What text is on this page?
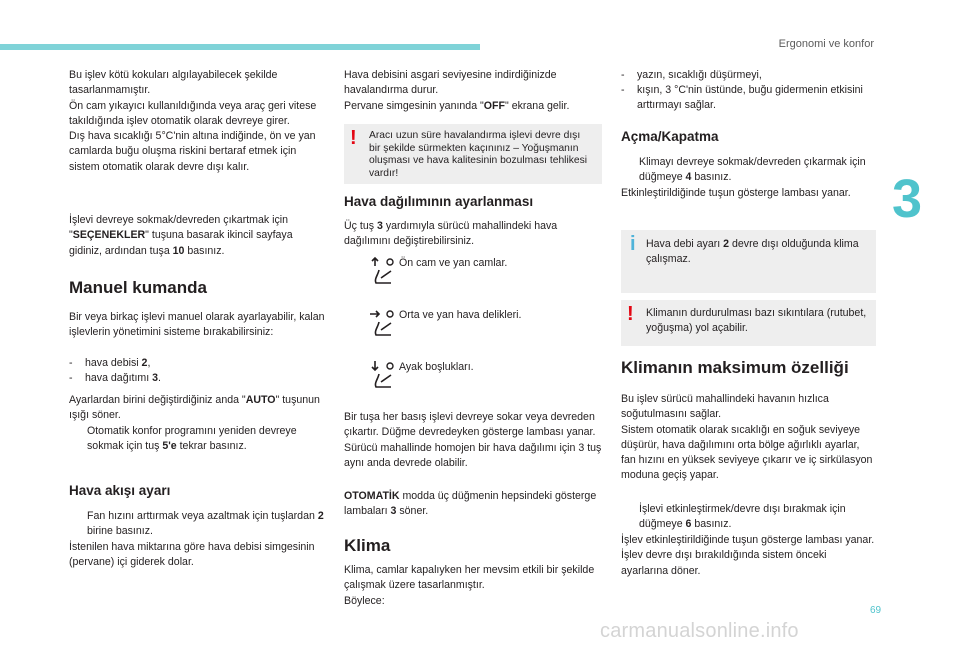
Ergonomi ve konfor
3
69
carmanualsonline.info

Bu işlev kötü kokuları algılayabilecek şekilde tasarlanmamıştır.
Ön cam yıkayıcı kullanıldığında veya araç geri vitese takıldığında işlev otomatik olarak devreye girer.
Dış hava sıcaklığı 5°C'nin altına indiğinde, ön ve yan camlarda buğu oluşma riskini bertaraf etmek için sistem otomatik olarak devre dışı kalır.

İşlevi devreye sokmak/devreden çıkartmak için "SEÇENEKLER" tuşuna basarak ikincil sayfaya gidiniz, ardından tuşa 10 basınız.

Manuel kumanda

Bir veya birkaç işlevi manuel olarak ayarlayabilir, kalan işlevlerin yönetimini sisteme bırakabilirsiniz:

-	hava debisi 2,
-	hava dağıtımı 3.

Ayarlardan birini değiştirdiğiniz anda "AUTO" tuşunun ışığı söner.

Otomatik konfor programını yeniden devreye sokmak için tuş 5'e tekrar basınız.
Hava akışı ayarı
Fan hızını arttırmak veya azaltmak için tuşlardan 2 birine basınız.

İstenilen hava miktarına göre hava debisi simgesinin (pervane) içi giderek dolar.

Hava debisini asgari seviyesine indirdiğinizde havalandırma durur.
Pervane simgesinin yanında "OFF" ekrana gelir.

! Aracı uzun süre havalandırma işlevi devre dışı bir şekilde sürmekten kaçınınız – Yoğuşmanın oluşması ve hava kalitesinin bozulması tehlikesi vardır!
Hava dağılımının ayarlanması

Üç tuş 3 yardımıyla sürücü mahallindeki hava dağılımını değiştirebilirsiniz.

Ön cam ve yan camlar.
Orta ve yan hava delikleri.
Ayak boşlukları.

Bir tuşa her basış işlevi devreye sokar veya devreden çıkartır. Düğme devredeyken gösterge lambası yanar. Sürücü mahallinde homojen bir hava dağılımı için 3 tuş aynı anda devrede olabilir.

OTOMATİK modda üç düğmenin hepsindeki gösterge lambaları 3 söner.

Klima

Klima, camlar kapalıyken her mevsim etkili bir şekilde çalışmak üzere tasarlanmıştır.
Böylece:

-	yazın, sıcaklığı düşürmeyi,
-	kışın, 3 °C'nin üstünde, buğu gidermenin etkisini arttırmayı sağlar.
Açma/Kapatma
Klimayı devreye sokmak/devreden çıkarmak için düğmeye 4 basınız.

Etkinleştirildiğinde tuşun gösterge lambası yanar.

i Hava debi ayarı 2 devre dışı olduğunda klima çalışmaz.
! Klimanın durdurulması bazı sıkıntılara (rutubet, yoğuşma) yol açabilir.
Klimanın maksimum özelliği

Bu işlev sürücü mahallindeki havanın hızlıca soğutulmasını sağlar.
Sistem otomatik olarak sıcaklığı en soğuk seviyeye düşürür, hava dağılımını orta bölge ağırlıklı ayarlar, fan hızını en yüksek seviyeye çıkarır ve iç sirkülasyon moduna geçiş yapar.

İşlevi etkinleştirmek/devre dışı bırakmak için düğmeye 6 basınız.

İşlev etkinleştirildiğinde tuşun gösterge lambası yanar.
İşlev devre dışı bırakıldığında sistem önceki ayarlarına döner.
